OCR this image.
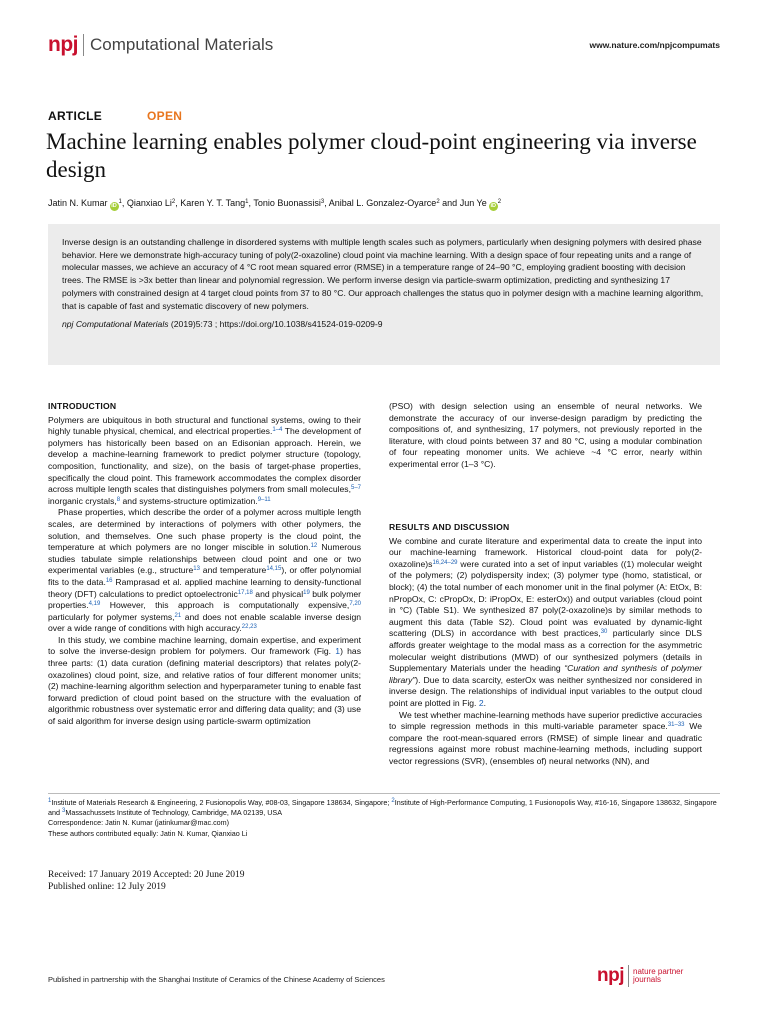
npj Computational Materials	www.nature.com/npjcompumats
ARTICLE	OPEN
Machine learning enables polymer cloud-point engineering via inverse design
Jatin N. Kumar $iD^1$, Qianxiao Li$^2$, Karen Y. T. Tang$^1$, Tonio Buonassisi$^3$, Anibal L. Gonzalez-Oyarce$^2$ and Jun Ye $iD^2$
Inverse design is an outstanding challenge in disordered systems with multiple length scales such as polymers, particularly when designing polymers with desired phase behavior. Here we demonstrate high-accuracy tuning of poly(2-oxazoline) cloud point via machine learning. With a design space of four repeating units and a range of molecular masses, we achieve an accuracy of 4 °C root mean squared error (RMSE) in a temperature range of 24–90 °C, employing gradient boosting with decision trees. The RMSE is >3x better than linear and polynomial regression. We perform inverse design via particle-swarm optimization, predicting and synthesizing 17 polymers with constrained design at 4 target cloud points from 37 to 80 °C. Our approach challenges the status quo in polymer design with a machine learning algorithm, that is capable of fast and systematic discovery of new polymers.
npj Computational Materials (2019)5:73 ; https://doi.org/10.1038/s41524-019-0209-9
INTRODUCTION

Polymers are ubiquitous in both structural and functional systems, owing to their highly tunable physical, chemical, and electrical properties.$^{1-4}$ The development of polymers has historically been based on an Edisonian approach. Herein, we develop a machine-learning framework to predict polymer structure (topology, composition, functionality, and size), on the basis of target-phase properties, specifically the cloud point. This framework accommodates the complex disorder across multiple length scales that distinguishes polymers from small molecules,$^{5-7}$ inorganic crystals,$^8$ and systems-structure optimization.$^{9-11}$

Phase properties, which describe the order of a polymer across multiple length scales, are determined by interactions of polymers with other polymers, the solution, and themselves. One such phase property is the cloud point, the temperature at which polymers are no longer miscible in solution.$^{12}$ Numerous studies tabulate simple relationships between cloud point and one or two experimental variables (e.g., structure$^{13}$ and temperature$^{14,15}$), or offer polynomial fits to the data.$^{16}$ Ramprasad et al. applied machine learning to density-functional theory (DFT) calculations to predict optoelectronic$^{17,18}$ and physical$^{19}$ bulk polymer properties.$^{4,19}$ However, this approach is computationally expensive,$^{7,20}$ particularly for polymer systems,$^{21}$ and does not enable scalable inverse design over a wide range of conditions with high accuracy.$^{22,23}$

In this study, we combine machine learning, domain expertise, and experiment to solve the inverse-design problem for polymers. Our framework (Fig. 1) has three parts: (1) data curation (defining material descriptors) that relates poly(2-oxazolines) cloud point, size, and relative ratios of four different monomer units; (2) machine-learning algorithm selection and hyperparameter tuning to enable fast forward prediction of cloud point based on the structure with the evaluation of algorithmic robustness over systematic error and differing data quality; and (3) use of said algorithm for inverse design using particle-swarm optimization

(PSO) with design selection using an ensemble of neural networks. We demonstrate the accuracy of our inverse-design paradigm by predicting the compositions of, and synthesizing, 17 polymers, not previously reported in the literature, with cloud points between 37 and 80 °C, using a modular combination of four repeating monomer units. We achieve ~4 °C error, nearly within experimental error (1–3 °C).

RESULTS AND DISCUSSION

We combine and curate literature and experimental data to create the input into our machine-learning framework. Historical cloud-point data for poly(2-oxazoline)s$^{16,24-29}$ were curated into a set of input variables ((1) molecular weight of the polymers; (2) polydispersity index; (3) polymer type (homo, statistical, or block); (4) the total number of each monomer unit in the final polymer (A: EtOx, B: nPropOx, C: cPropOx, D: iPropOx, E: esterOx)) and output variables (cloud point in °C) (Table S1). We synthesized 87 poly(2-oxazoline)s by similar methods to augment this data (Table S2). Cloud point was evaluated by dynamic-light scattering (DLS) in accordance with best practices,$^{30}$ particularly since DLS affords greater weightage to the modal mass as a correction for the asymmetric molecular weight distributions (MWD) of our synthesized polymers (details in Supplementary Materials under the heading “Curation and synthesis of polymer library”). Due to data scarcity, esterOx was neither synthesized nor considered in inverse design. The relationships of individual input variables to the output cloud point are plotted in Fig. 2.

We test whether machine-learning methods have superior predictive accuracies to simple regression methods in this multi-variable parameter space.$^{31-33}$ We compare the root-mean-squared errors (RMSE) of simple linear and quadratic regressions against more robust machine-learning methods, including support vector regressions (SVR), (ensembles of) neural networks (NN), and

$^1$Institute of Materials Research & Engineering, 2 Fusionopolis Way, #08-03, Singapore 138634, Singapore; $^2$Institute of High-Performance Computing, 1 Fusionopolis Way, #16-16, Singapore 138632, Singapore and $^3$Massachussets Institute of Technology, Cambridge, MA 02139, USA
Correspondence: Jatin N. Kumar (jatinkumar@mac.com)
These authors contributed equally: Jatin N. Kumar, Qianxiao Li
Received: 17 January 2019 Accepted: 20 June 2019
Published online: 12 July 2019
Published in partnership with the Shanghai Institute of Ceramics of the Chinese Academy of Sciences	npj nature partner
journals
